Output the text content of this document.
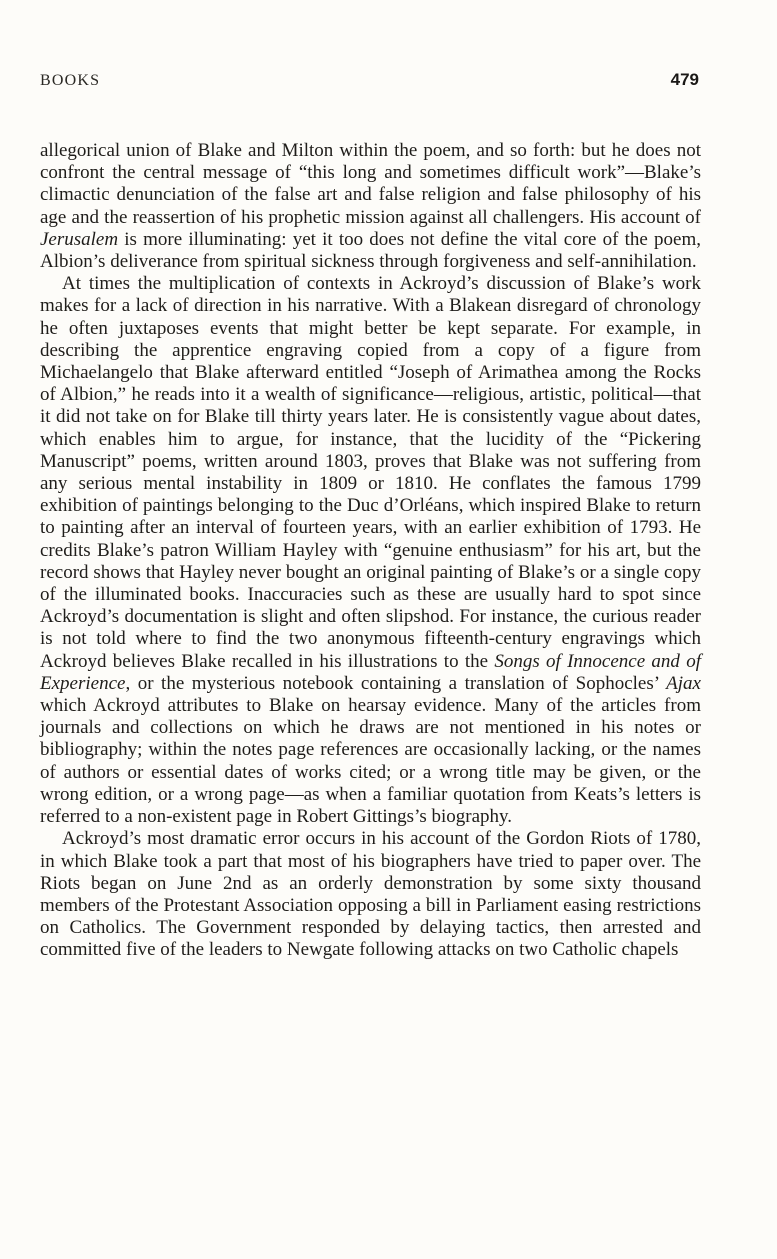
BOOKS	479

allegorical union of Blake and Milton within the poem, and so forth: but he does not confront the central message of “this long and sometimes difficult work”—Blake’s climactic denunciation of the false art and false religion and false philosophy of his age and the reassertion of his prophetic mission against all challengers. His account of Jerusalem is more illuminating: yet it too does not define the vital core of the poem, Albion’s deliverance from spiritual sickness through forgiveness and self-annihilation.

At times the multiplication of contexts in Ackroyd’s discussion of Blake’s work makes for a lack of direction in his narrative. With a Blakean disregard of chronology he often juxtaposes events that might better be kept separate. For example, in describing the apprentice engraving copied from a copy of a figure from Michaelangelo that Blake afterward entitled “Joseph of Arimathea among the Rocks of Albion,” he reads into it a wealth of significance—religious, artistic, political—that it did not take on for Blake till thirty years later. He is consistently vague about dates, which enables him to argue, for instance, that the lucidity of the “Pickering Manuscript” poems, written around 1803, proves that Blake was not suffering from any serious mental instability in 1809 or 1810. He conflates the famous 1799 exhibition of paintings belonging to the Duc d’Orléans, which inspired Blake to return to painting after an interval of fourteen years, with an earlier exhibition of 1793. He credits Blake’s patron William Hayley with “genuine enthusiasm” for his art, but the record shows that Hayley never bought an original painting of Blake’s or a single copy of the illuminated books. Inaccuracies such as these are usually hard to spot since Ackroyd’s documentation is slight and often slipshod. For instance, the curious reader is not told where to find the two anonymous fifteenth-century engravings which Ackroyd believes Blake recalled in his illustrations to the Songs of Innocence and of Experience, or the mysterious notebook containing a translation of Sophocles’ Ajax which Ackroyd attributes to Blake on hearsay evidence. Many of the articles from journals and collections on which he draws are not mentioned in his notes or bibliography; within the notes page references are occasionally lacking, or the names of authors or essential dates of works cited; or a wrong title may be given, or the wrong edition, or a wrong page—as when a familiar quotation from Keats’s letters is referred to a non-existent page in Robert Gittings’s biography.

Ackroyd’s most dramatic error occurs in his account of the Gordon Riots of 1780, in which Blake took a part that most of his biographers have tried to paper over. The Riots began on June 2nd as an orderly demonstration by some sixty thousand members of the Protestant Association opposing a bill in Parliament easing restrictions on Catholics. The Government responded by delaying tactics, then arrested and committed five of the leaders to Newgate following attacks on two Catholic chapels
